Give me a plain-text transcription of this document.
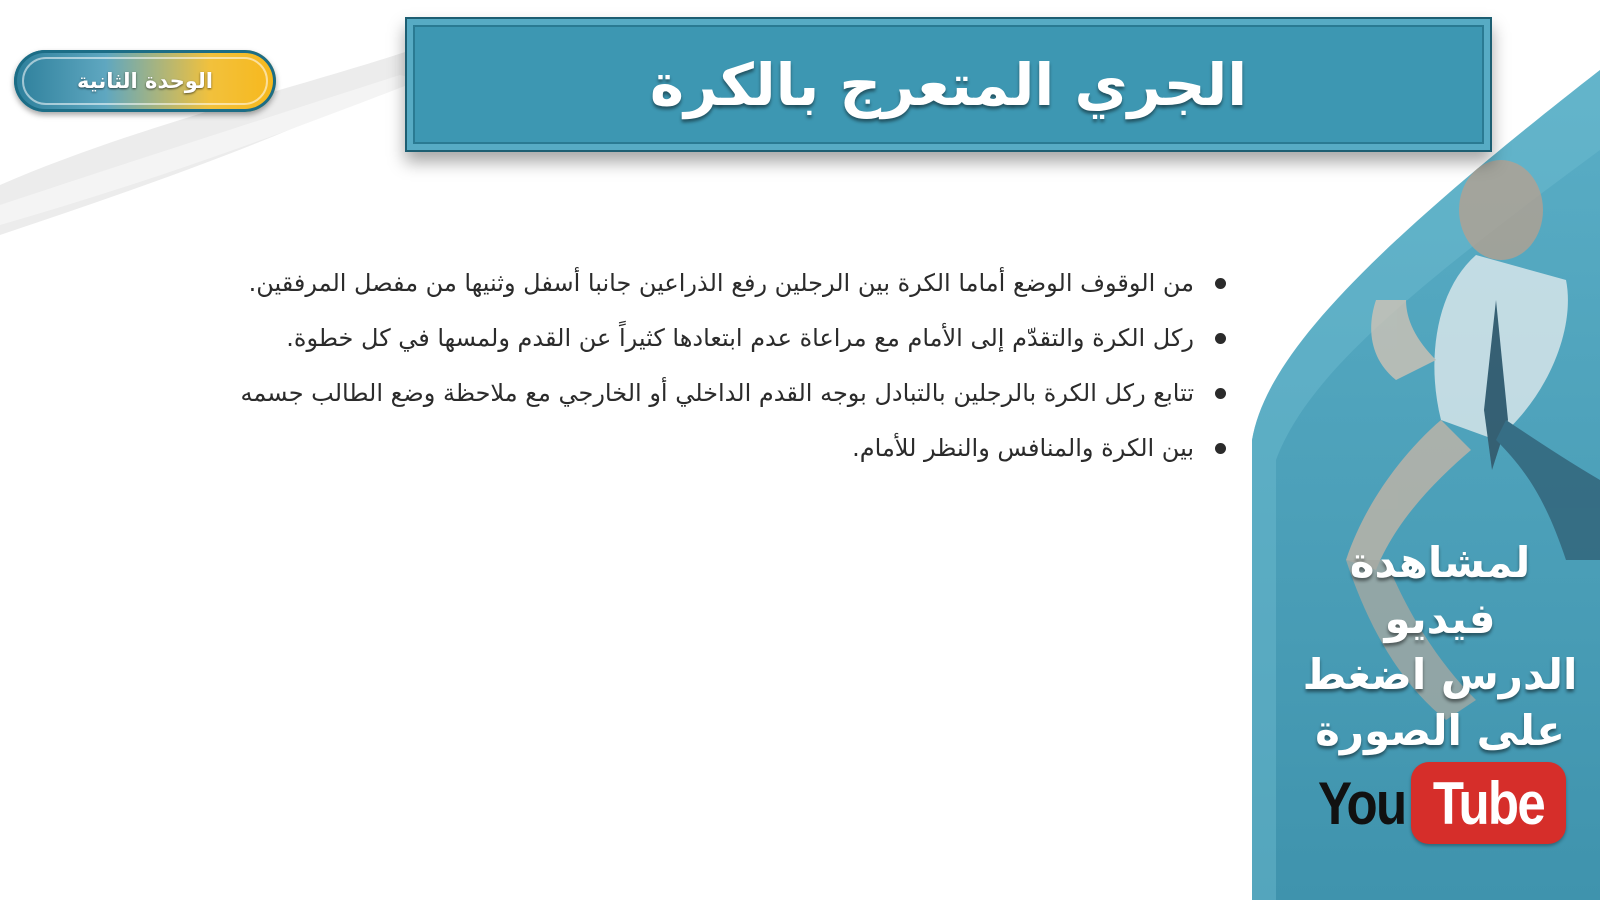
الوحدة الثانية	الجري المتعرج بالكرة
من الوقوف الوضع أماما الكرة بين الرجلين رفع الذراعين جانبا أسفل وثنيها من مفصل المرفقين.
ركل الكرة والتقدّم إلى الأمام مع مراعاة عدم ابتعادها كثيراً عن القدم ولمسها في كل خطوة.
تتابع ركل الكرة بالرجلين بالتبادل بوجه القدم الداخلي أو الخارجي مع ملاحظة وضع الطالب جسمه
بين الكرة والمنافس والنظر للأمام.
لمشاهدة فيديو
الدرس اضغط
على الصورة
You Tube
